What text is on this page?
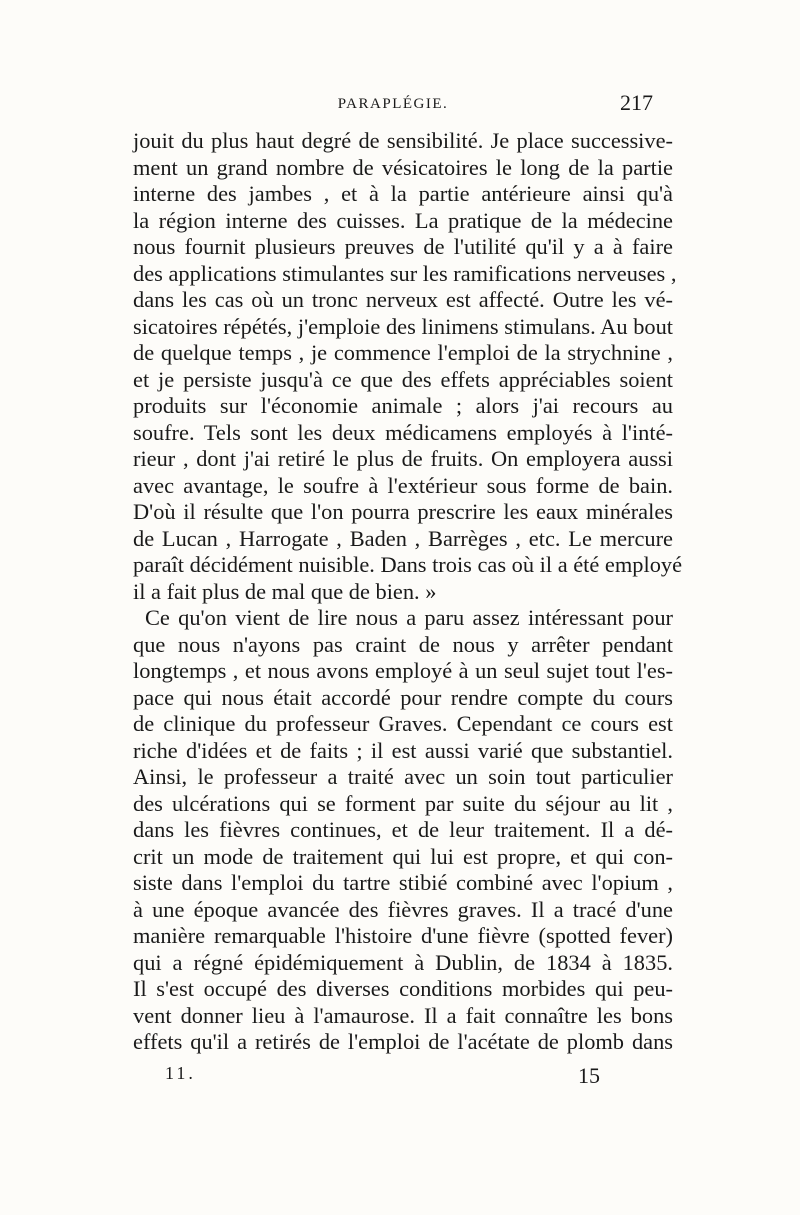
PARAPLÉGIE.	217
jouit du plus haut degré de sensibilité. Je place successive-
ment un grand nombre de vésicatoires le long de la partie
interne des jambes , et à la partie antérieure ainsi qu'à
la région interne des cuisses. La pratique de la médecine
nous fournit plusieurs preuves de l'utilité qu'il y a à faire
des applications stimulantes sur les ramifications nerveuses ,
dans les cas où un tronc nerveux est affecté. Outre les vé-
sicatoires répétés, j'emploie des linimens stimulans. Au bout
de quelque temps , je commence l'emploi de la strychnine ,
et je persiste jusqu'à ce que des effets appréciables soient
produits sur l'économie animale ; alors j'ai recours au
soufre. Tels sont les deux médicamens employés à l'inté-
rieur , dont j'ai retiré le plus de fruits. On employera aussi
avec avantage, le soufre à l'extérieur sous forme de bain.
D'où il résulte que l'on pourra prescrire les eaux minérales
de Lucan , Harrogate , Baden , Barrèges , etc. Le mercure
paraît décidément nuisible. Dans trois cas où il a été employé
il a fait plus de mal que de bien. »
Ce qu'on vient de lire nous a paru assez intéressant pour
que nous n'ayons pas craint de nous y arrêter pendant
longtemps , et nous avons employé à un seul sujet tout l'es-
pace qui nous était accordé pour rendre compte du cours
de clinique du professeur Graves. Cependant ce cours est
riche d'idées et de faits ; il est aussi varié que substantiel.
Ainsi, le professeur a traité avec un soin tout particulier
des ulcérations qui se forment par suite du séjour au lit ,
dans les fièvres continues, et de leur traitement. Il a dé-
crit un mode de traitement qui lui est propre, et qui con-
siste dans l'emploi du tartre stibié combiné avec l'opium ,
à une époque avancée des fièvres graves. Il a tracé d'une
manière remarquable l'histoire d'une fièvre (spotted fever)
qui a régné épidémiquement à Dublin, de 1834 à 1835.
Il s'est occupé des diverses conditions morbides qui peu-
vent donner lieu à l'amaurose. Il a fait connaître les bons
effets qu'il a retirés de l'emploi de l'acétate de plomb dans
11.	15
